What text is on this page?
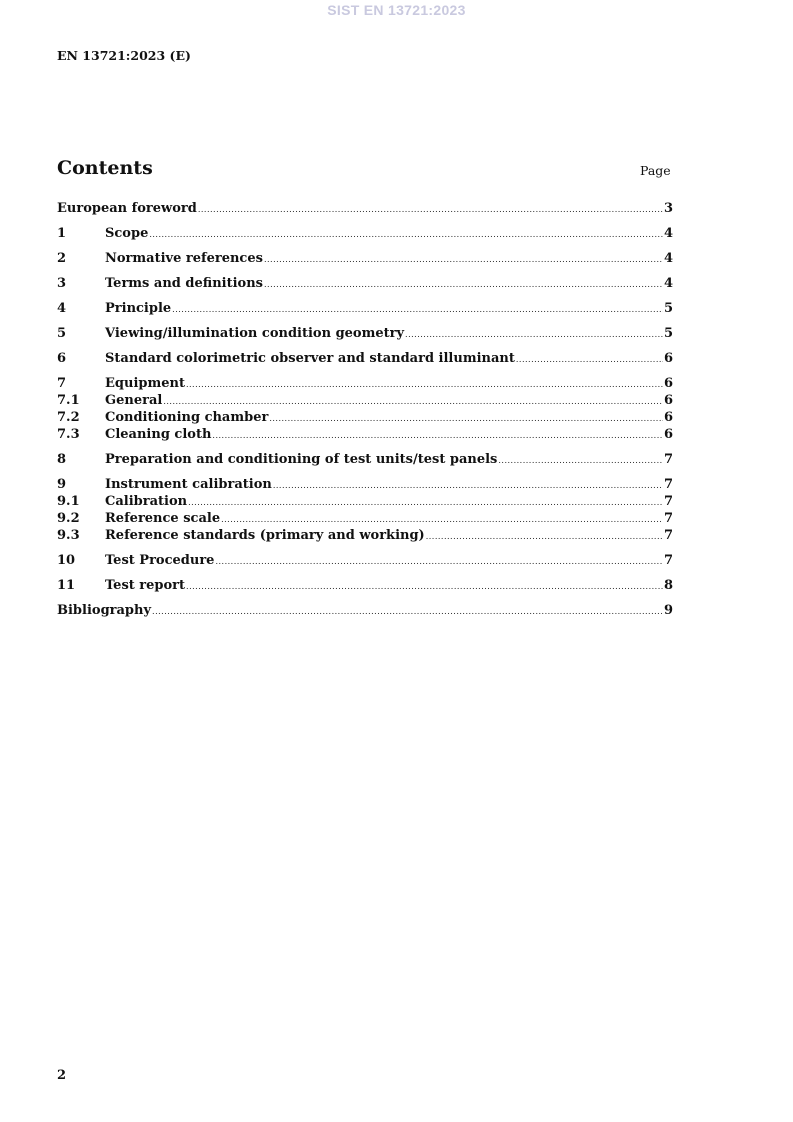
SIST EN 13721:2023
EN 13721:2023 (E)
Contents	Page
European foreword .....	3
1	Scope .....	4
2	Normative references .....	4
3	Terms and definitions .....	4
4	Principle .....	5
5	Viewing/illumination condition geometry .....	5
6	Standard colorimetric observer and standard illuminant .....	6
7	Equipment .....	6
7.1	General .....	6
7.2	Conditioning chamber .....	6
7.3	Cleaning cloth .....	6
8	Preparation and conditioning of test units/test panels .....	7
9	Instrument calibration .....	7
9.1	Calibration .....	7
9.2	Reference scale .....	7
9.3	Reference standards (primary and working) .....	7
10	Test Procedure .....	7
11	Test report .....	8
Bibliography .....	9
2
